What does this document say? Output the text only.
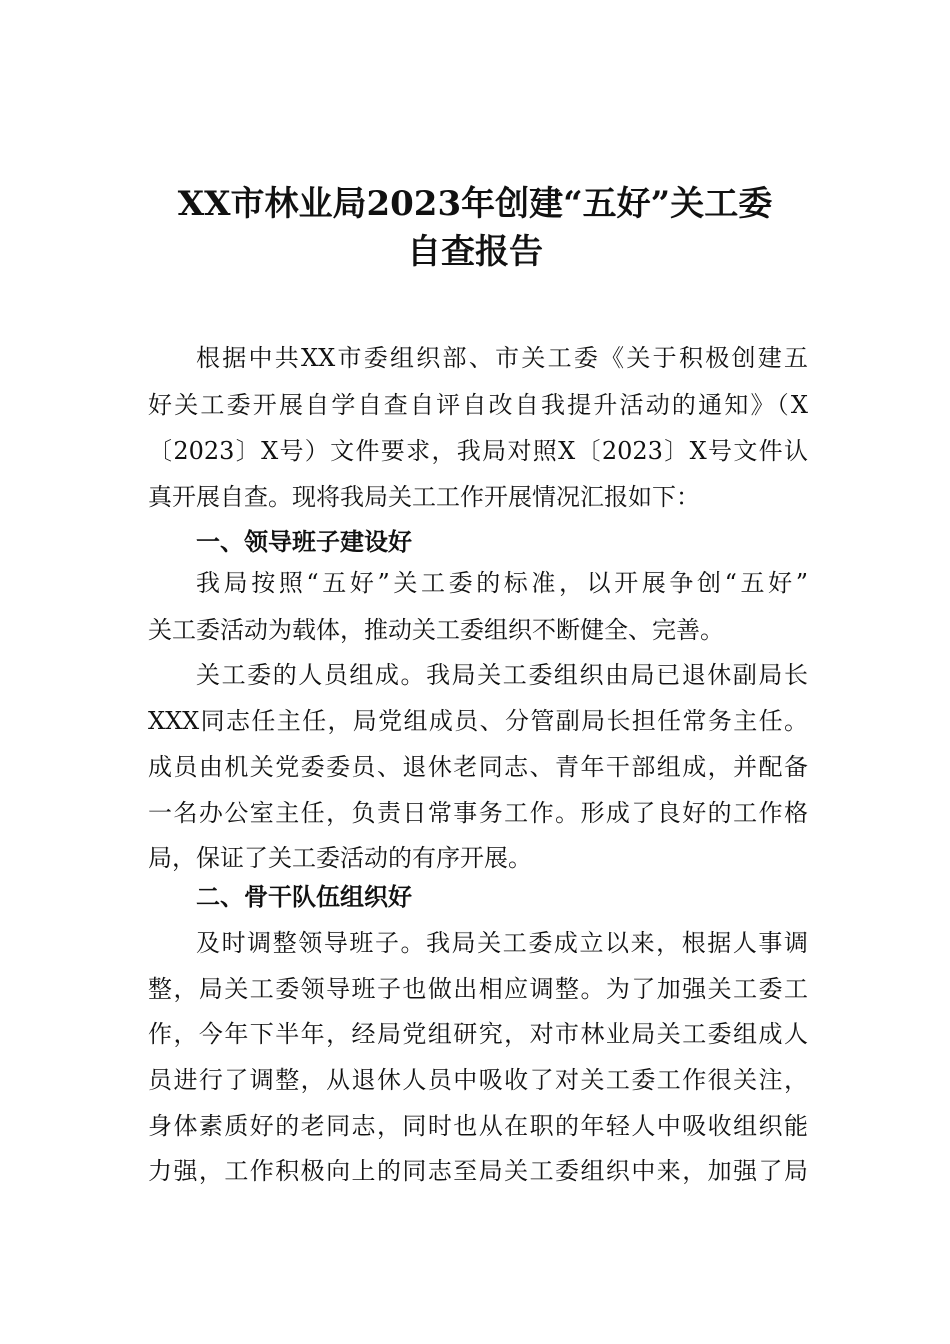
XX市林业局2023年创建“五好”关工委
自查报告
根据中共XX市委组织部、市关工委《关于积极创建五
好关工委开展自学自查自评自改自我提升活动的通知》（X
〔2023〕X号）文件要求，我局对照X〔2023〕X号文件认
真开展自查。现将我局关工工作开展情况汇报如下：
一、领导班子建设好
我局按照“五好”关工委的标准，以开展争创“五好”
关工委活动为载体，推动关工委组织不断健全、完善。
关工委的人员组成。我局关工委组织由局已退休副局长
XXX同志任主任，局党组成员、分管副局长担任常务主任。
成员由机关党委委员、退休老同志、青年干部组成，并配备
一名办公室主任，负责日常事务工作。形成了良好的工作格
局，保证了关工委活动的有序开展。
二、骨干队伍组织好
及时调整领导班子。我局关工委成立以来，根据人事调
整，局关工委领导班子也做出相应调整。为了加强关工委工
作，今年下半年，经局党组研究，对市林业局关工委组成人
员进行了调整，从退休人员中吸收了对关工委工作很关注，
身体素质好的老同志，同时也从在职的年轻人中吸收组织能
力强，工作积极向上的同志至局关工委组织中来，加强了局
